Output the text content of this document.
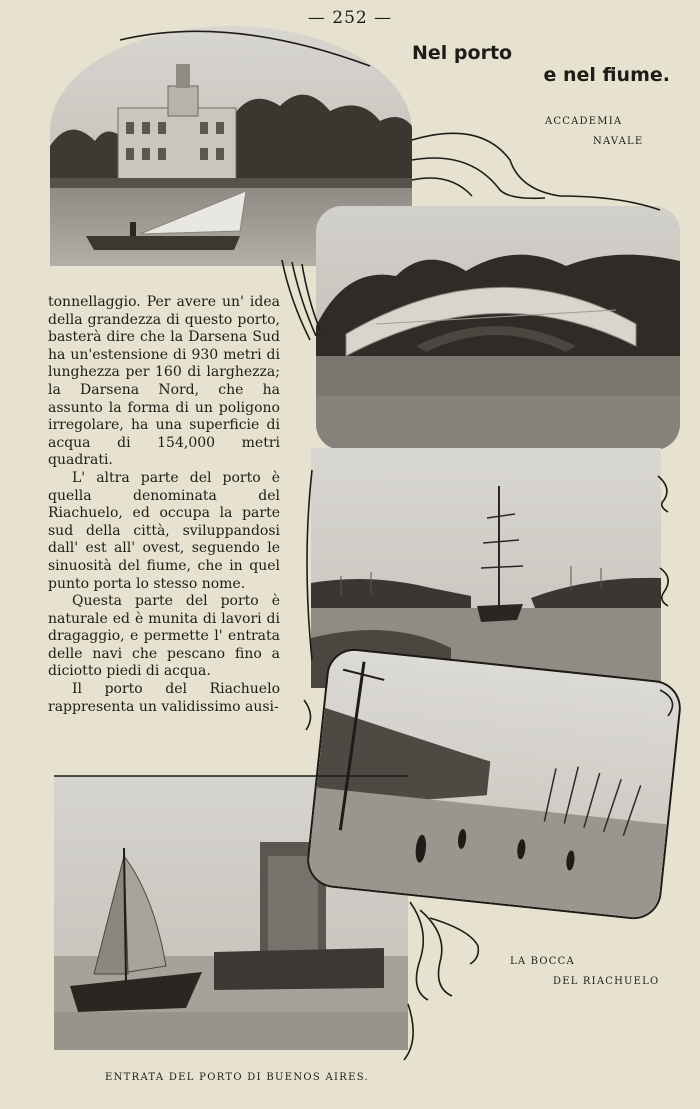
— 252 —
Nel porto
e nel fiume.
ACCADEMIA
NAVALE
LA BOCCA
DEL RIACHUELO
ENTRATA DEL PORTO DI BUENOS AIRES.

tonnellaggio. Per avere un' idea della grandezza di questo porto, basterà dire che la Darsena Sud ha un'estensione di 930 metri di lunghezza per 160 di larghezza; la Darsena Nord, che ha assunto la forma di un poligono irregolare, ha una superficie di acqua di 154,000 metri quadrati.

L' altra parte del porto è quella denominata del Riachuelo, ed occupa la parte sud della città, sviluppandosi dall' est all' ovest, seguendo le sinuosità del fiume, che in quel punto porta lo stesso nome.

Questa parte del porto è naturale ed è munita di lavori di dragaggio, e permette l' entrata delle navi che pescano fino a diciotto piedi di acqua.

Il porto del Riachuelo rappresenta un validissimo ausi-
